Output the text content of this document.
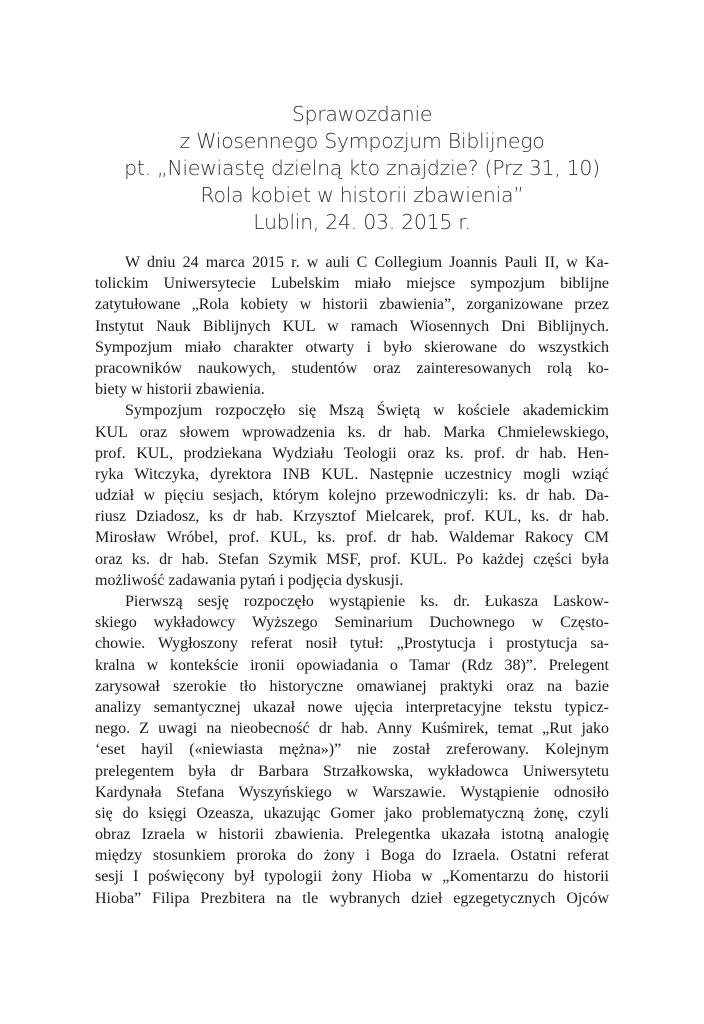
Sprawozdanie
z Wiosennego Sympozjum Biblijnego
pt. „Niewiastę dzielną kto znajdzie? (Prz 31, 10)
Rola kobiet w historii zbawienia”
Lublin, 24. 03. 2015 r.
W dniu 24 marca 2015 r. w auli C Collegium Joannis Pauli II, w Ka-
tolickim Uniwersytecie Lubelskim miało miejsce sympozjum biblijne
zatytułowane „Rola kobiety w historii zbawienia”, zorganizowane przez
Instytut Nauk Biblijnych KUL w ramach Wiosennych Dni Biblijnych.
Sympozjum miało charakter otwarty i było skierowane do wszystkich
pracowników naukowych, studentów oraz zainteresowanych rolą ko-
biety w historii zbawienia.
Sympozjum rozpoczęło się Mszą Świętą w kościele akademickim
KUL oraz słowem wprowadzenia ks. dr hab. Marka Chmielewskiego,
prof. KUL, prodziekana Wydziału Teologii oraz ks. prof. dr hab. Hen-
ryka Witczyka, dyrektora INB KUL. Następnie uczestnicy mogli wziąć
udział w pięciu sesjach, którym kolejno przewodniczyli: ks. dr hab. Da-
riusz Dziadosz, ks dr hab. Krzysztof Mielcarek, prof. KUL, ks. dr hab.
Mirosław Wróbel, prof. KUL, ks. prof. dr hab. Waldemar Rakocy CM
oraz ks. dr hab. Stefan Szymik MSF, prof. KUL. Po każdej części była
możliwość zadawania pytań i podjęcia dyskusji.
Pierwszą sesję rozpoczęło wystąpienie ks. dr. Łukasza Laskow-
skiego wykładowcy Wyższego Seminarium Duchownego w Często-
chowie. Wygłoszony referat nosił tytuł: „Prostytucja i prostytucja sa-
kralna w kontekście ironii opowiadania o Tamar (Rdz 38)”. Prelegent
zarysował szerokie tło historyczne omawianej praktyki oraz na bazie
analizy semantycznej ukazał nowe ujęcia interpretacyjne tekstu typicz-
nego. Z uwagi na nieobecność dr hab. Anny Kuśmirek, temat „Rut jako
‘eset hayil («niewiasta mężna»)” nie został zreferowany. Kolejnym
prelegentem była dr Barbara Strzałkowska, wykładowca Uniwersytetu
Kardynała Stefana Wyszyńskiego w Warszawie. Wystąpienie odnosiło
się do księgi Ozeasza, ukazując Gomer jako problematyczną żonę, czyli
obraz Izraela w historii zbawienia. Prelegentka ukazała istotną analogię
między stosunkiem proroka do żony i Boga do Izraela. Ostatni referat
sesji I poświęcony był typologii żony Hioba w „Komentarzu do historii
Hioba” Filipa Prezbitera na tle wybranych dzieł egzegetycznych Ojców
